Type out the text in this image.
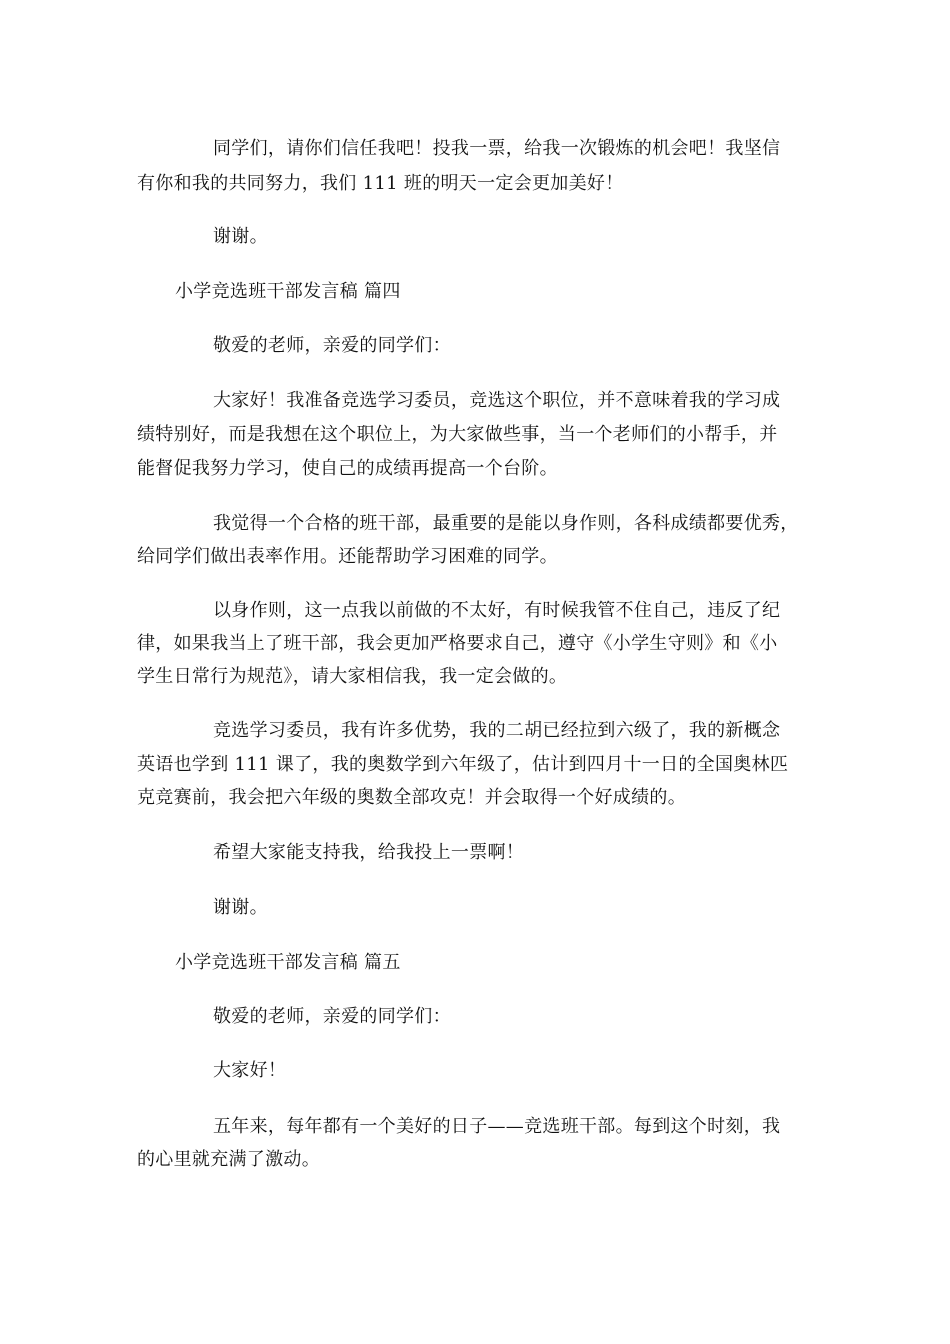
同学们，请你们信任我吧！投我一票，给我一次锻炼的机会吧！我坚信
有你和我的共同努力，我们 111 班的明天一定会更加美好！
谢谢。
小学竞选班干部发言稿 篇四
敬爱的老师，亲爱的同学们：
大家好！我准备竞选学习委员，竞选这个职位，并不意味着我的学习成
绩特别好，而是我想在这个职位上，为大家做些事，当一个老师们的小帮手，并
能督促我努力学习，使自己的成绩再提高一个台阶。
我觉得一个合格的班干部，最重要的是能以身作则，各科成绩都要优秀，
给同学们做出表率作用。还能帮助学习困难的同学。
以身作则，这一点我以前做的不太好，有时候我管不住自己，违反了纪
律，如果我当上了班干部，我会更加严格要求自己，遵守《小学生守则》和《小
学生日常行为规范》，请大家相信我，我一定会做的。
竞选学习委员，我有许多优势，我的二胡已经拉到六级了，我的新概念
英语也学到 111 课了，我的奥数学到六年级了，估计到四月十一日的全国奥林匹
克竞赛前，我会把六年级的奥数全部攻克！并会取得一个好成绩的。
希望大家能支持我，给我投上一票啊！
谢谢。
小学竞选班干部发言稿 篇五
敬爱的老师，亲爱的同学们：
大家好！
五年来，每年都有一个美好的日子——竞选班干部。每到这个时刻，我
的心里就充满了激动。
